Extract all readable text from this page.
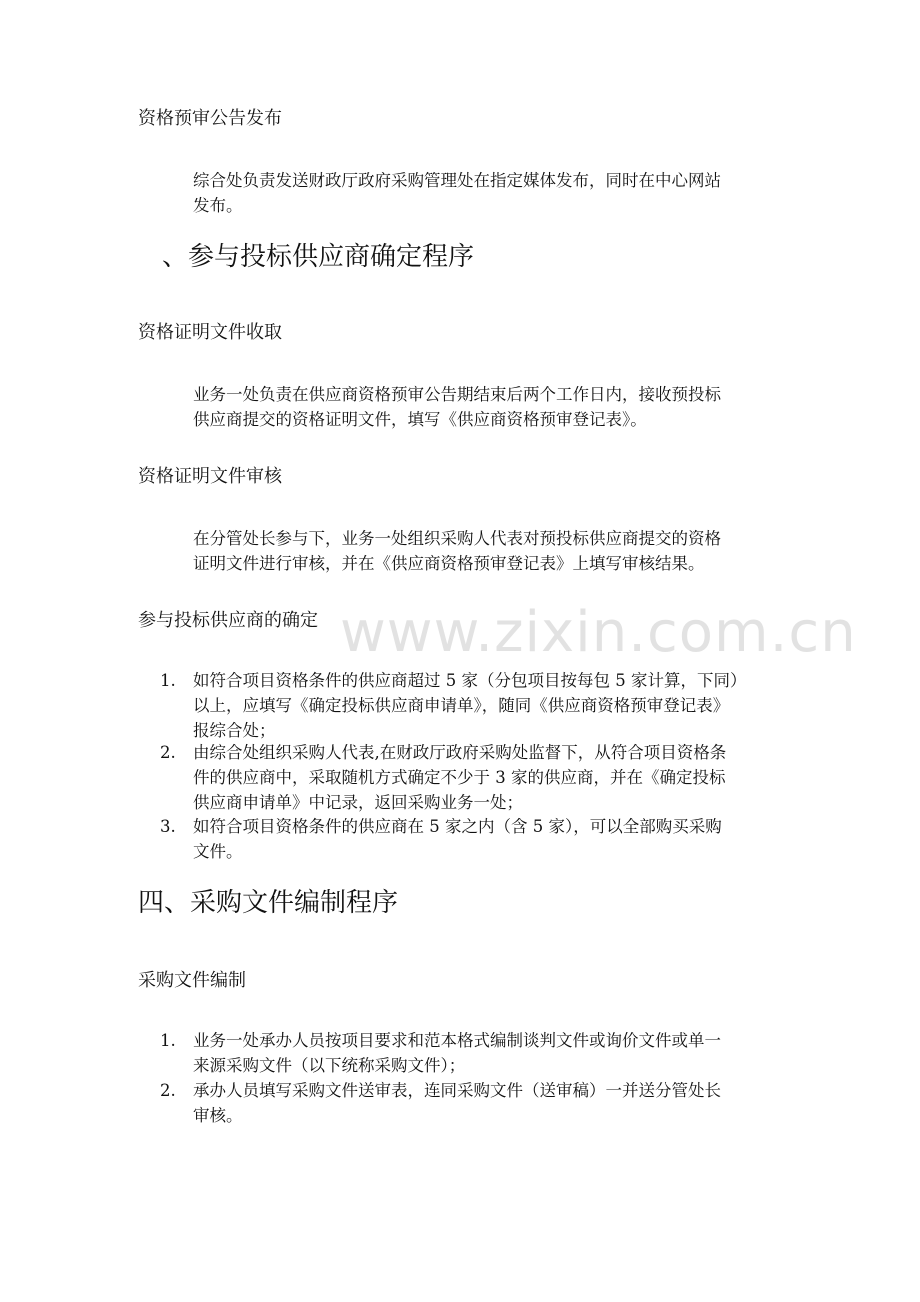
资格预审公告发布
综合处负责发送财政厅政府采购管理处在指定媒体发布，同时在中心网站
发布。
、参与投标供应商确定程序
资格证明文件收取
业务一处负责在供应商资格预审公告期结束后两个工作日内，接收预投标
供应商提交的资格证明文件，填写《供应商资格预审登记表》。
资格证明文件审核
在分管处长参与下，业务一处组织采购人代表对预投标供应商提交的资格
证明文件进行审核，并在《供应商资格预审登记表》上填写审核结果。
参与投标供应商的确定 www.zixin.com.cn
1.	如符合项目资格条件的供应商超过 5 家（分包项目按每包 5 家计算，下同）
以上，应填写《确定投标供应商申请单》，随同《供应商资格预审登记表》
报综合处；
2.	由综合处组织采购人代表,在财政厅政府采购处监督下，从符合项目资格条
件的供应商中，采取随机方式确定不少于 3 家的供应商，并在《确定投标
供应商申请单》中记录，返回采购业务一处；
3.	如符合项目资格条件的供应商在 5 家之内（含 5 家），可以全部购买采购
文件。
四、采购文件编制程序
采购文件编制
1.	业务一处承办人员按项目要求和范本格式编制谈判文件或询价文件或单一
来源采购文件（以下统称采购文件）；
2.	承办人员填写采购文件送审表，连同采购文件（送审稿）一并送分管处长
审核。
